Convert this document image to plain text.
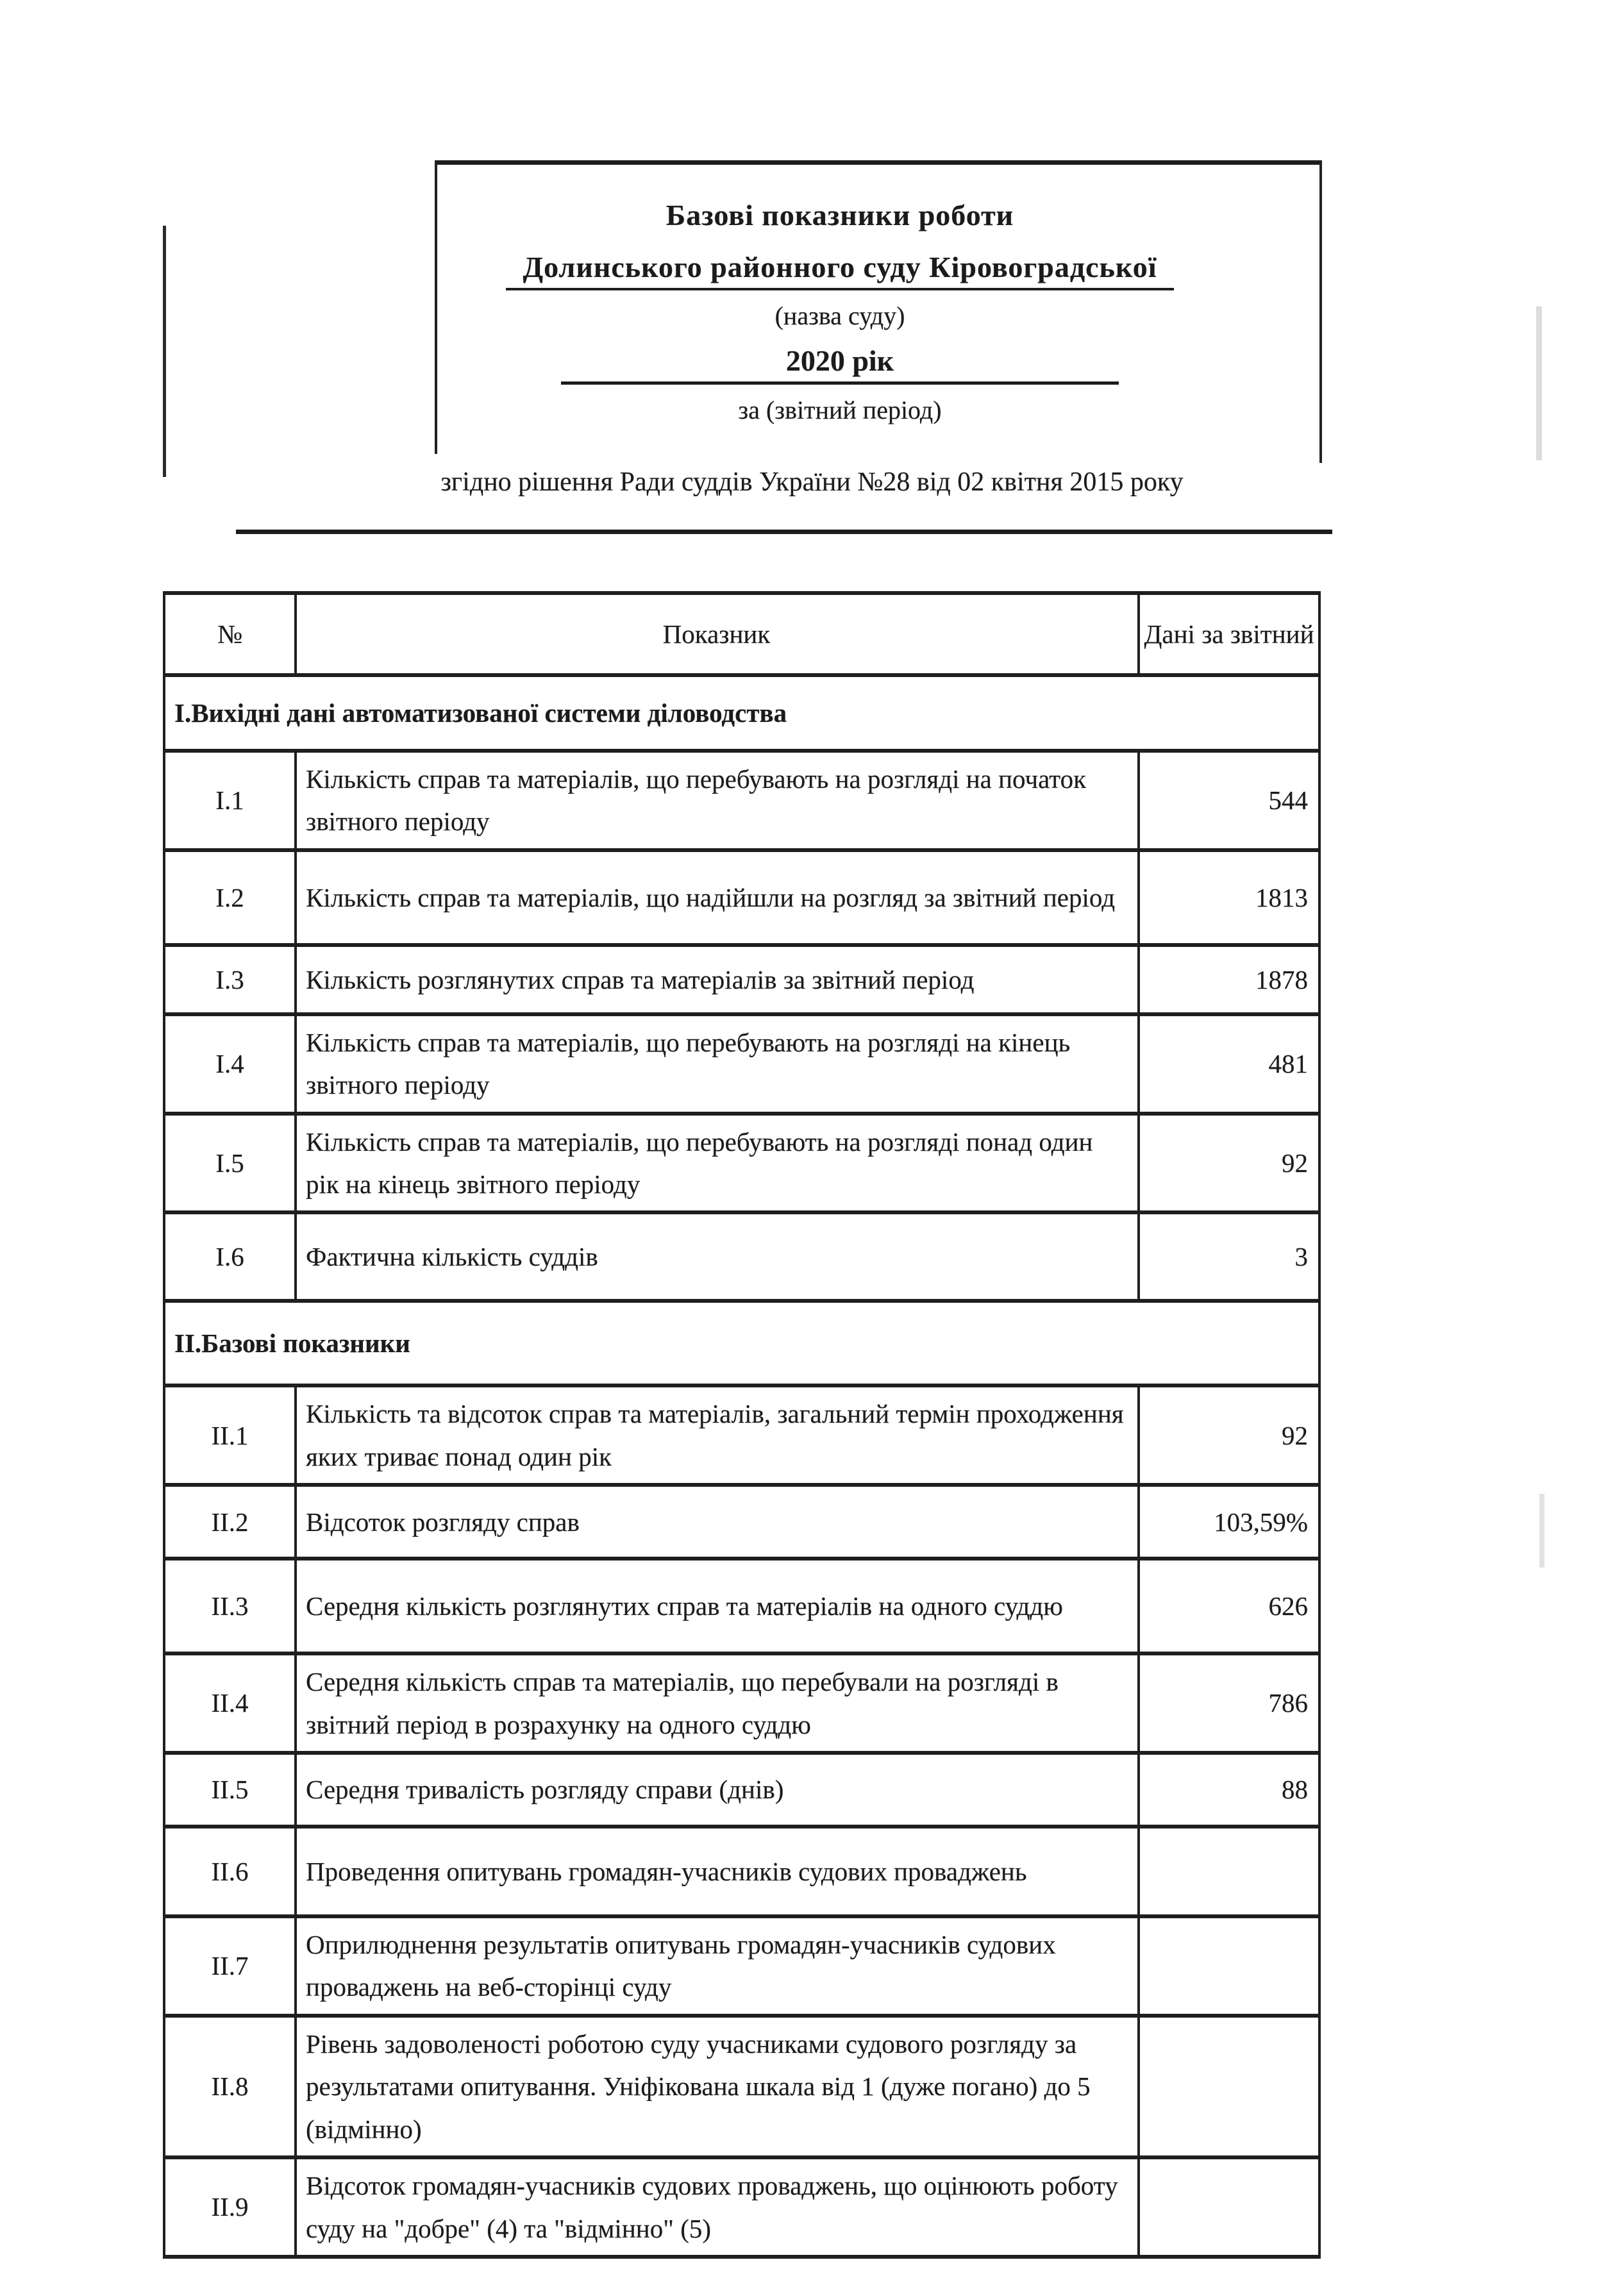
Базові показники роботи
Долинського районного суду Кіровоградської
(назва суду)
2020 рік
за (звітний період)
згідно рішення Ради суддів України №28 від 02 квітня 2015 року
№	Показник	Дані за звітний
I.Вихідні дані автоматизованої системи діловодства		
I.1	Кількість справ та матеріалів, що перебувають на розгляді на початок звітного періоду	544
I.2	Кількість справ та матеріалів, що надійшли на розгляд за звітний період	1813
I.3	Кількість розглянутих справ та матеріалів за звітний період	1878
I.4	Кількість справ та матеріалів, що перебувають на розгляді на кінець звітного періоду	481
I.5	Кількість справ та матеріалів, що перебувають на розгляді понад один рік на кінець звітного періоду	92
I.6	Фактична кількість суддів	3
II.Базові показники		
II.1	Кількість та відсоток справ та матеріалів, загальний термін проходження яких триває понад один рік	92
II.2	Відсоток розгляду справ	103,59%
II.3	Середня кількість розглянутих справ та матеріалів на одного суддю	626
II.4	Середня кількість справ та матеріалів, що перебували на розгляді в звітний період в розрахунку на одного суддю	786
II.5	Середня тривалість розгляду справи (днів)	88
II.6	Проведення опитувань громадян-учасників судових проваджень	
II.7	Оприлюднення результатів опитувань громадян-учасників судових проваджень на веб-сторінці суду	
II.8	Рівень задоволеності роботою суду учасниками судового розгляду за результатами опитування. Уніфікована шкала від 1 (дуже погано) до 5 (відмінно)	
II.9	Відсоток громадян-учасників судових проваджень, що оцінюють роботу суду на "добре" (4) та "відмінно" (5)	
